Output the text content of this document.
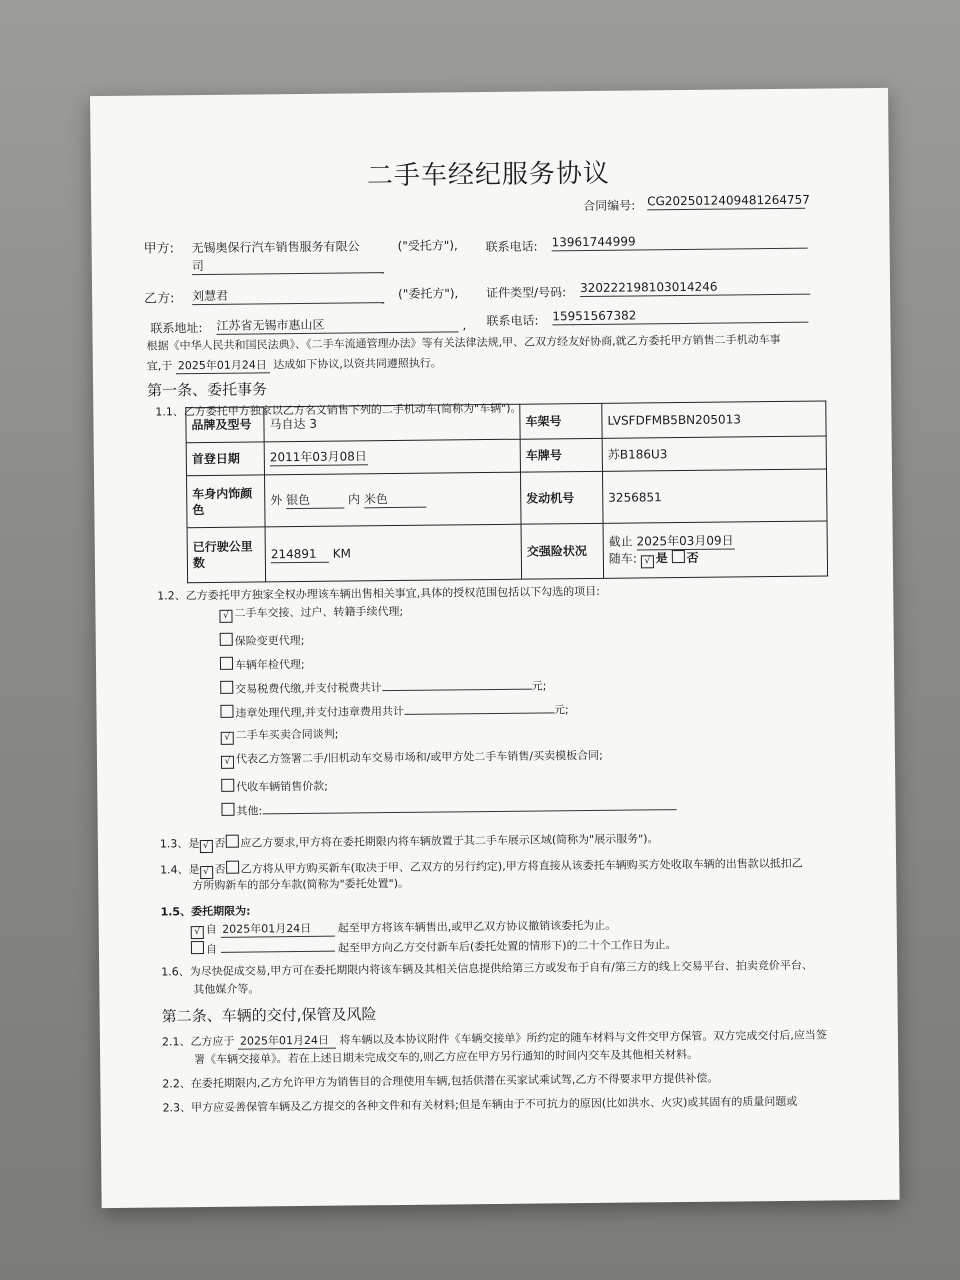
二手车经纪服务协议
合同编号: CG2025012409481264757
甲方: 无锡奥保行汽车销售服务有限公
司
("受托方"), 联系电话: 13961744999
乙方: 刘慧君	("委托方"), 证件类型/号码: 320222198103014246
联系地址: 江苏省无锡市惠山区	, 联系电话: 15951567382
根据《中华人民共和国民法典》、《二手车流通管理办法》等有关法律法规,甲、乙双方经友好协商,就乙方委托甲方销售二手机动车事
宜,于 2025年01月24日 达成如下协议,以资共同遵照执行。
第一条、委托事务
1.1、乙方委托甲方独家以乙方名义销售下列的二手机动车(简称为"车辆")。
品牌及型号	马自达 3	车架号	LVSFDFMB5BN205013
首登日期	2011年03月08日	车牌号	苏B186U3
车身内饰颜色	外 银色 内 米色	发动机号	3256851
已行驶公里数	214891 KM	交强险状况	截止 2025年03月09日
随车: √ 是 否
1.2、乙方委托甲方独家全权办理该车辆出售相关事宜,具体的授权范围包括以下勾选的项目:
√ 二手车交接、过户、转籍手续代理;
保险变更代理;
车辆年检代理;
交易税费代缴,并支付税费共计	元;
违章处理代理,并支付违章费用共计	元;
√ 二手车买卖合同谈判;
√ 代表乙方签署二手/旧机动车交易市场和/或甲方处二手车销售/买卖模板合同;
代收车辆销售价款;
其他:
1.3、是 √ 否 应乙方要求,甲方将在委托期限内将车辆放置于其二手车展示区域(简称为"展示服务")。
1.4、是 √ 否 乙方将从甲方购买新车(取决于甲、乙双方的另行约定),甲方将直接从该委托车辆购买方处收取车辆的出售款以抵扣乙
方所购新车的部分车款(简称为"委托处置")。
1.5、委托期限为:
√ 自 2025年01月24日 起至甲方将该车辆售出,或甲乙双方协议撤销该委托为止。
自	起至甲方向乙方交付新车后(委托处置的情形下)的二十个工作日为止。
1.6、为尽快促成交易,甲方可在委托期限内将该车辆及其相关信息提供给第三方或发布于自有/第三方的线上交易平台、拍卖竞价平台、
其他媒介等。
第二条、车辆的交付,保管及风险
2.1、乙方应于 2025年01月24日 将车辆以及本协议附件《车辆交接单》所约定的随车材料与文件交甲方保管。双方完成交付后,应当签
署《车辆交接单》。若在上述日期未完成交车的,则乙方应在甲方另行通知的时间内交车及其他相关材料。
2.2、在委托期限内,乙方允许甲方为销售目的合理使用车辆,包括供潜在买家试乘试驾,乙方不得要求甲方提供补偿。
2.3、甲方应妥善保管车辆及乙方提交的各种文件和有关材料;但是车辆由于不可抗力的原因(比如洪水、火灾)或其固有的质量问题或
